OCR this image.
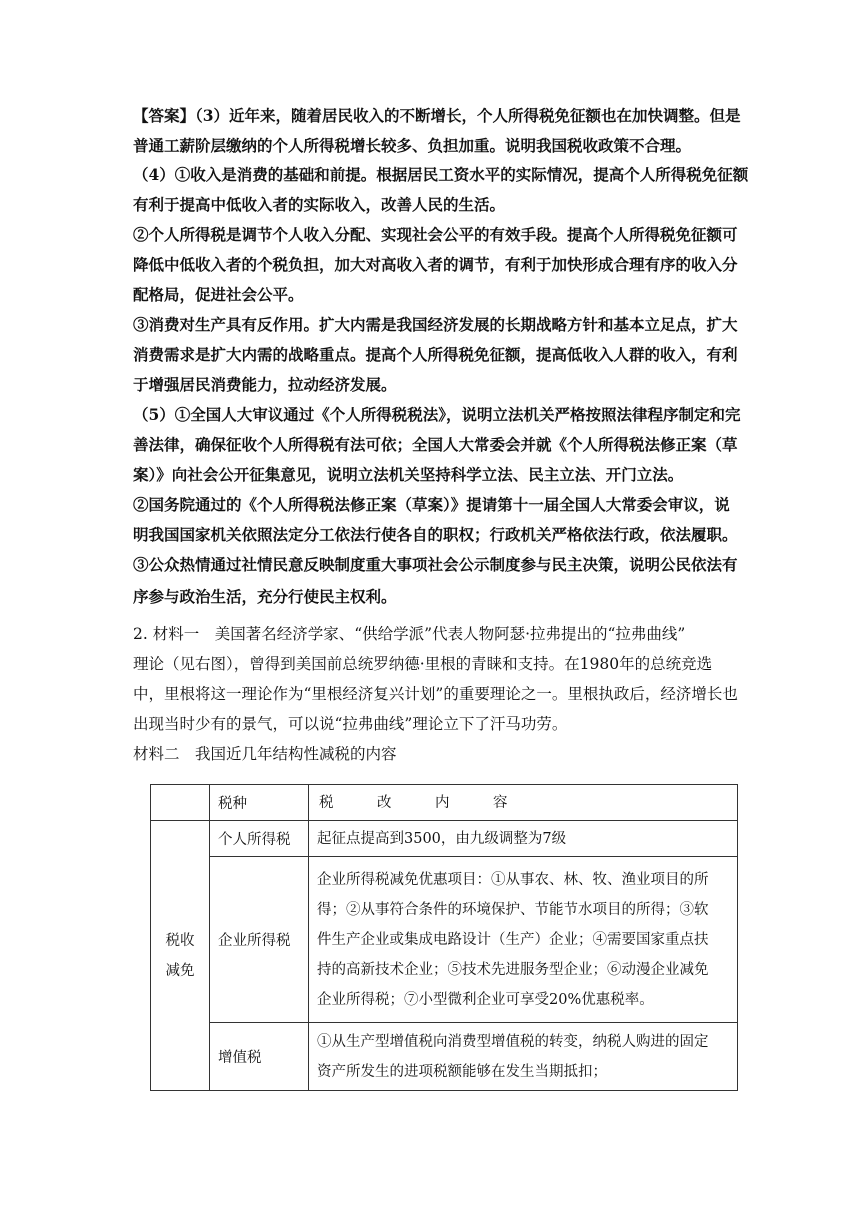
【答案】（3）近年来，随着居民收入的不断增长，个人所得税免征额也在加快调整。但是
普通工薪阶层缴纳的个人所得税增长较多、负担加重。说明我国税收政策不合理。
（4）①收入是消费的基础和前提。根据居民工资水平的实际情况，提高个人所得税免征额
有利于提高中低收入者的实际收入，改善人民的生活。
②个人所得税是调节个人收入分配、实现社会公平的有效手段。提高个人所得税免征额可
降低中低收入者的个税负担，加大对高收入者的调节，有利于加快形成合理有序的收入分
配格局，促进社会公平。
③消费对生产具有反作用。扩大内需是我国经济发展的长期战略方针和基本立足点，扩大
消费需求是扩大内需的战略重点。提高个人所得税免征额，提高低收入人群的收入，有利
于增强居民消费能力，拉动经济发展。
（5）①全国人大审议通过《个人所得税税法》，说明立法机关严格按照法律程序制定和完
善法律，确保征收个人所得税有法可依；全国人大常委会并就《个人所得税法修正案（草
案）》向社会公开征集意见，说明立法机关坚持科学立法、民主立法、开门立法。
②国务院通过的《个人所得税法修正案（草案）》提请第十一届全国人大常委会审议，说
明我国国家机关依照法定分工依法行使各自的职权；行政机关严格依法行政，依法履职。
③公众热情通过社情民意反映制度重大事项社会公示制度参与民主决策，说明公民依法有
序参与政治生活，充分行使民主权利。
2. 材料一　美国著名经济学家、“供给学派”代表人物阿瑟·拉弗提出的“拉弗曲线”
理论（见右图），曾得到美国前总统罗纳德·里根的青睐和支持。在1980年的总统竞选
中，里根将这一理论作为“里根经济复兴计划”的重要理论之一。里根执政后，经济增长也
出现当时少有的景气，可以说“拉弗曲线”理论立下了汗马功劳。
材料二　我国近几年结构性减税的内容
	税种	税　　　改　　　内　　　容

税收
减免	个人所得税	起征点提高到3500，由九级调整为7级

	企业所得税	企业所得税减免优惠项目：①从事农、林、牧、渔业项目的所
得；②从事符合条件的环境保护、节能节水项目的所得；③软
件生产企业或集成电路设计（生产）企业；④需要国家重点扶
持的高新技术企业；⑤技术先进服务型企业；⑥动漫企业减免
企业所得税；⑦小型微利企业可享受20%优惠税率。

	增值税	①从生产型增值税向消费型增值税的转变，纳税人购进的固定
资产所发生的进项税额能够在发生当期抵扣；
